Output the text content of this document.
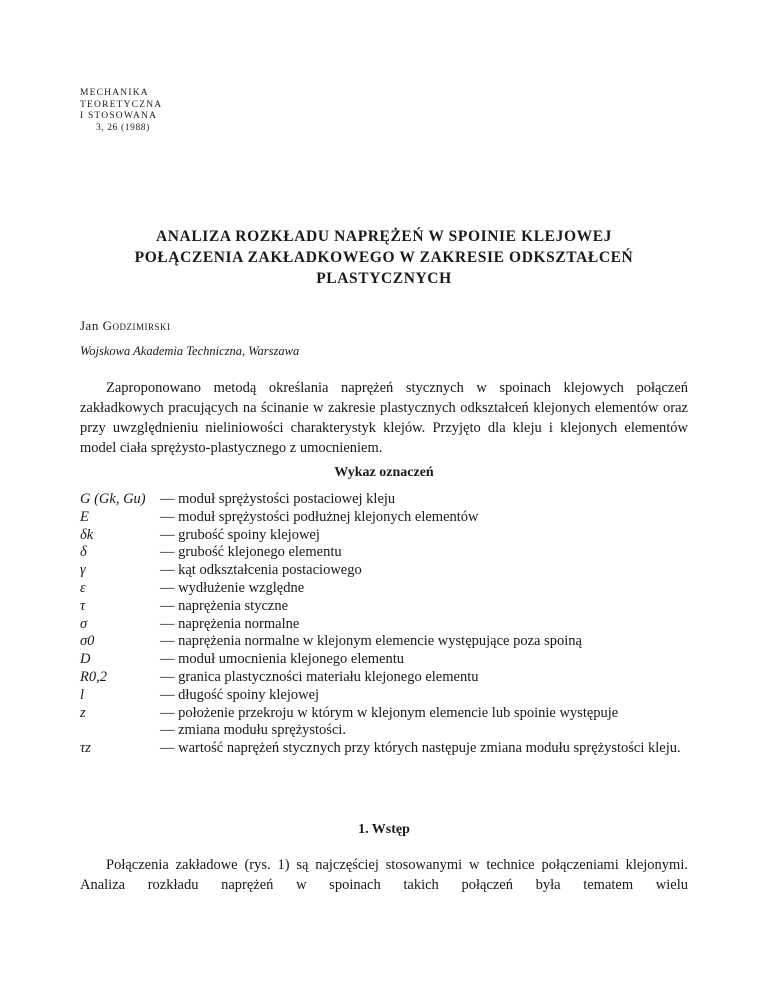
MECHANIKA
TEORETYCZNA
I STOSOWANA
3, 26 (1988)
ANALIZA ROZKŁADU NAPRĘŻEŃ W SPOINIE KLEJOWEJ
POŁĄCZENIA ZAKŁADKOWEGO W ZAKRESIE ODKSZTAŁCEŃ
PLASTYCZNYCH
Jan Godzimirski
Wojskowa Akademia Techniczna, Warszawa

Zaproponowano metodą określania naprężeń stycznych w spoinach klejowych połączeń zakładkowych pracujących na ścinanie w zakresie plastycznych odkształceń klejonych elementów oraz przy uwzględnieniu nieliniowości charakterystyk klejów. Przyjęto dla kleju i klejonych elementów model ciała sprężysto-plastycznego z umocnieniem.

Wykaz oznaczeń
G (Gk, Gu) — moduł sprężystości postaciowej kleju
E	— moduł sprężystości podłużnej klejonych elementów
δk	— grubość spoiny klejowej
δ	— grubość klejonego elementu
γ	— kąt odkształcenia postaciowego
ε	— wydłużenie względne
τ	— naprężenia styczne
σ	— naprężenia normalne
σ0	— naprężenia normalne w klejonym elemencie występujące poza spoiną
D	— moduł umocnienia klejonego elementu
R0,2	— granica plastyczności materiału klejonego elementu
l	— długość spoiny klejowej
z	— położenie przekroju w którym w klejonym elemencie lub spoinie występuje
— zmiana modułu sprężystości.
τz	— wartość naprężeń stycznych przy których następuje zmiana modułu sprężystości kleju.
1. Wstęp

Połączenia zakładowe (rys. 1) są najczęściej stosowanymi w technice połączeniami klejonymi. Analiza rozkładu naprężeń w spoinach takich połączeń była tematem wielu
